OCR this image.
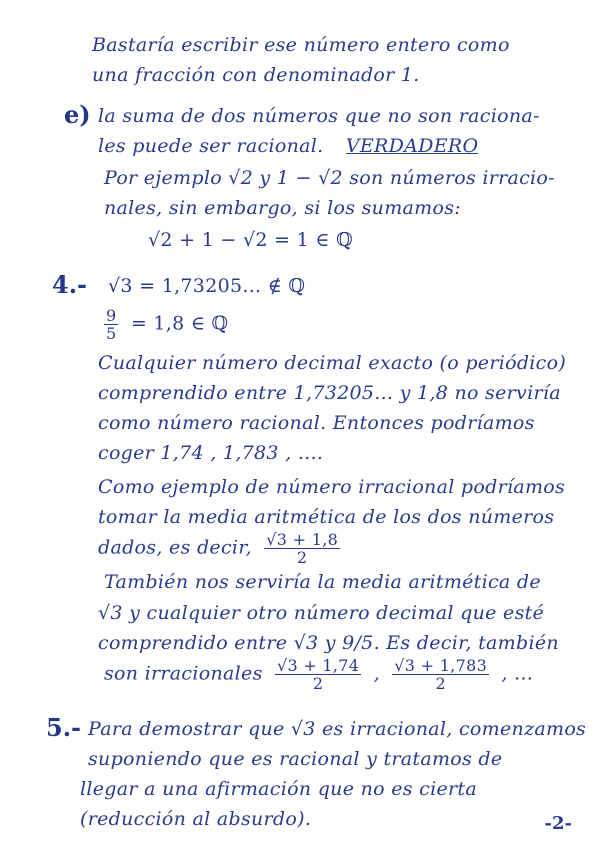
Bastaría escribir ese número entero como
una fracción con denominador 1.
e) la suma de dos números que no son raciona-
les puede ser racional. VERDADERO
Por ejemplo √2 y 1 − √2 son números irracio-
nales, sin embargo, si los sumamos:
√2 + 1 − √2 = 1 ∈ ℚ
4.- √3 = 1,73205... ∉ ℚ
$\frac{9}{5} = 1,8$ ∈ ℚ
Cualquier número decimal exacto (o periódico)
comprendido entre 1,73205... y 1,8 no serviría
como número racional. Entonces podríamos
coger 1,74 , 1,783 , ....
Como ejemplo de número irracional podríamos
tomar la media aritmética de los dos números
dados, es decir, $\frac{√3 + 1,8}{2}$
También nos serviría la media aritmética de
√3 y cualquier otro número decimal que esté
comprendido entre √3 y 9/5. Es decir, también
son irracionales $\frac{√3 + 1,74}{2}$ , $\frac{√3 + 1,783}{2}$ , ...
5.- Para demostrar que √3 es irracional, comenzamos
suponiendo que es racional y tratamos de
llegar a una afirmación que no es cierta
(reducción al absurdo).	-2-
